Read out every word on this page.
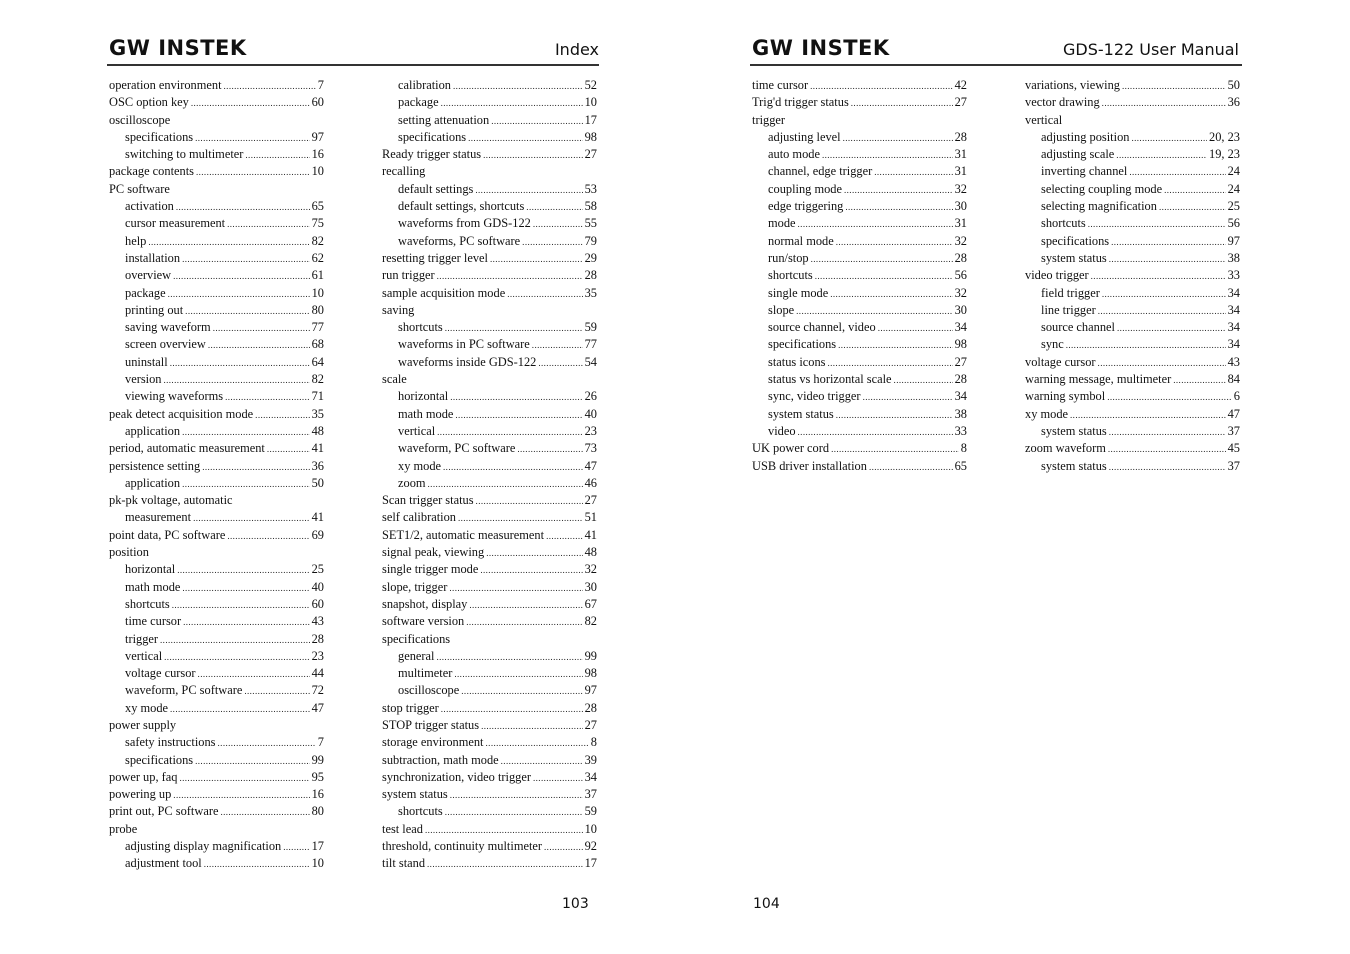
GW INSTEK	Index
operation environment .....	7
OSC option key .....	60
oscilloscope
specifications .....	97
switching to multimeter .....	16
package contents .....	10
PC software
activation .....	65
cursor measurement .....	75
help .....	82
installation .....	62
overview .....	61
package .....	10
printing out .....	80
saving waveform .....	77
screen overview .....	68
uninstall .....	64
version .....	82
viewing waveforms .....	71
peak detect acquisition mode .....	35
application .....	48
period, automatic measurement .....	41
persistence setting .....	36
application .....	50
pk-pk voltage, automatic
measurement .....	41
point data, PC software .....	69
position
horizontal .....	25
math mode .....	40
shortcuts .....	60
time cursor .....	43
trigger .....	28
vertical .....	23
voltage cursor .....	44
waveform, PC software .....	72
xy mode .....	47
power supply
safety instructions .....	7
specifications .....	99
power up, faq .....	95
powering up .....	16
print out, PC software .....	80
probe
adjusting display magnification ..... 17
adjustment tool .....	10
calibration .....	52
package .....	10
setting attenuation .....	17
specifications .....	98
Ready trigger status .....	27
recalling
default settings .....	53
default settings, shortcuts .....	58
waveforms from GDS-122 .....	55
waveforms, PC software .....	79
resetting trigger level .....	29
run trigger .....	28
sample acquisition mode .....	35
saving
shortcuts .....	59
waveforms in PC software .....	77
waveforms inside GDS-122 .....	54
scale
horizontal .....	26
math mode .....	40
vertical .....	23
waveform, PC software .....	73
xy mode .....	47
zoom .....	46
Scan trigger status .....	27
self calibration .....	51
SET1/2, automatic measurement .....	41
signal peak, viewing .....	48
single trigger mode .....	32
slope, trigger .....	30
snapshot, display .....	67
software version .....	82
specifications
general .....	99
multimeter .....	98
oscilloscope .....	97
stop trigger .....	28
STOP trigger status .....	27
storage environment .....	8
subtraction, math mode .....	39
synchronization, video trigger .....	34
system status .....	37
shortcuts .....	59
test lead .....	10
threshold, continuity multimeter .....	92
tilt stand .....	17
103
GW INSTEK	GDS-122 User Manual
time cursor .....	42
Trig'd trigger status .....	27
trigger
adjusting level .....	28
auto mode .....	31
channel, edge trigger .....	31
coupling mode .....	32
edge triggering .....	30
mode .....	31
normal mode .....	32
run/stop .....	28
shortcuts .....	56
single mode .....	32
slope .....	30
source channel, video .....	34
specifications .....	98
status icons .....	27
status vs horizontal scale .....	28
sync, video trigger .....	34
system status .....	38
video .....	33
UK power cord .....	8
USB driver installation .....	65
variations, viewing .....	50
vector drawing .....	36
vertical
adjusting position .....	20, 23
adjusting scale .....	19, 23
inverting channel .....	24
selecting coupling mode .....	24
selecting magnification .....	25
shortcuts .....	56
specifications .....	97
system status .....	38
video trigger .....	33
field trigger .....	34
line trigger .....	34
source channel .....	34
sync .....	34
voltage cursor .....	43
warning message, multimeter .....	84
warning symbol .....	6
xy mode .....	47
system status .....	37
zoom waveform .....	45
system status .....	37
104
